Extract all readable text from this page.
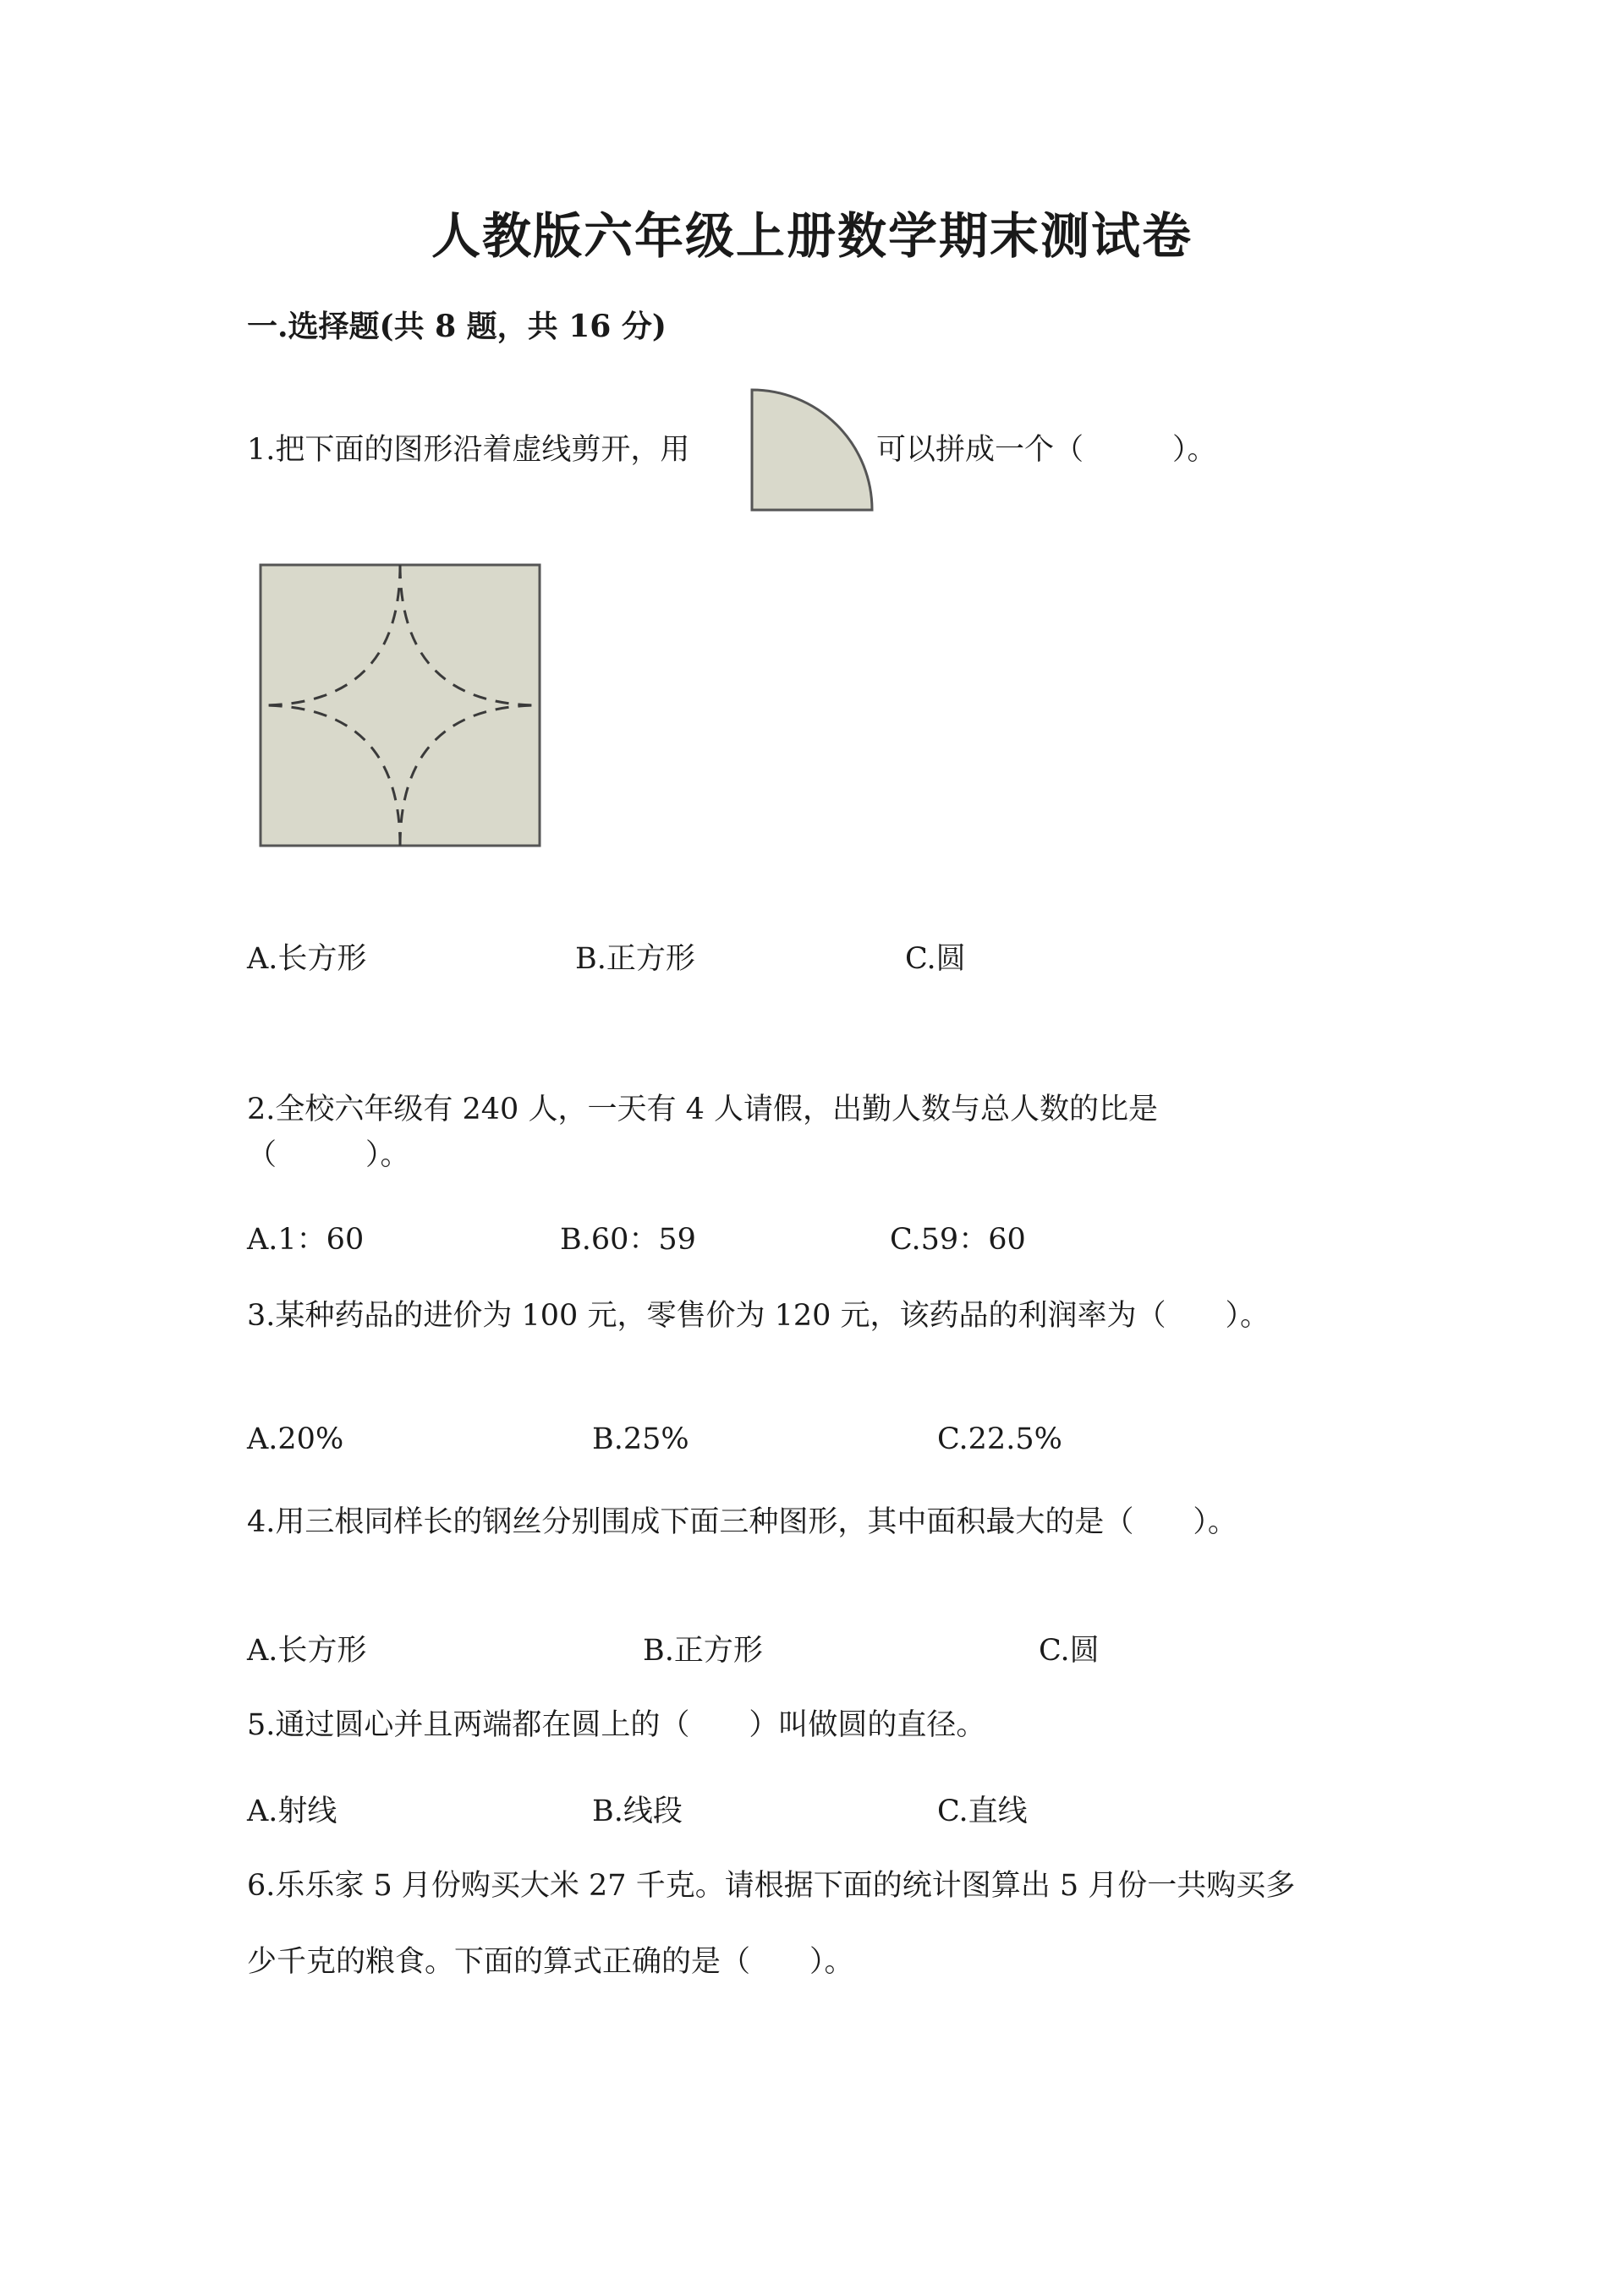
人教版六年级上册数学期末测试卷
一.选择题(共 8 题，共 16 分)
1.把下面的图形沿着虚线剪开，用	可以拼成一个（　　　）。
A.长方形	B.正方形	C.圆
2.全校六年级有 240 人，一天有 4 人请假，出勤人数与总人数的比是
（　　　）。
A.1：60	B.60：59	C.59：60
3.某种药品的进价为 100 元，零售价为 120 元，该药品的利润率为（　　）。
A.20%	B.25%	C.22.5%
4.用三根同样长的钢丝分别围成下面三种图形，其中面积最大的是（　　）。
A.长方形	B.正方形	C.圆
5.通过圆心并且两端都在圆上的（　　）叫做圆的直径。
A.射线	B.线段	C.直线
6.乐乐家 5 月份购买大米 27 千克。请根据下面的统计图算出 5 月份一共购买多
少千克的粮食。下面的算式正确的是（　　）。
